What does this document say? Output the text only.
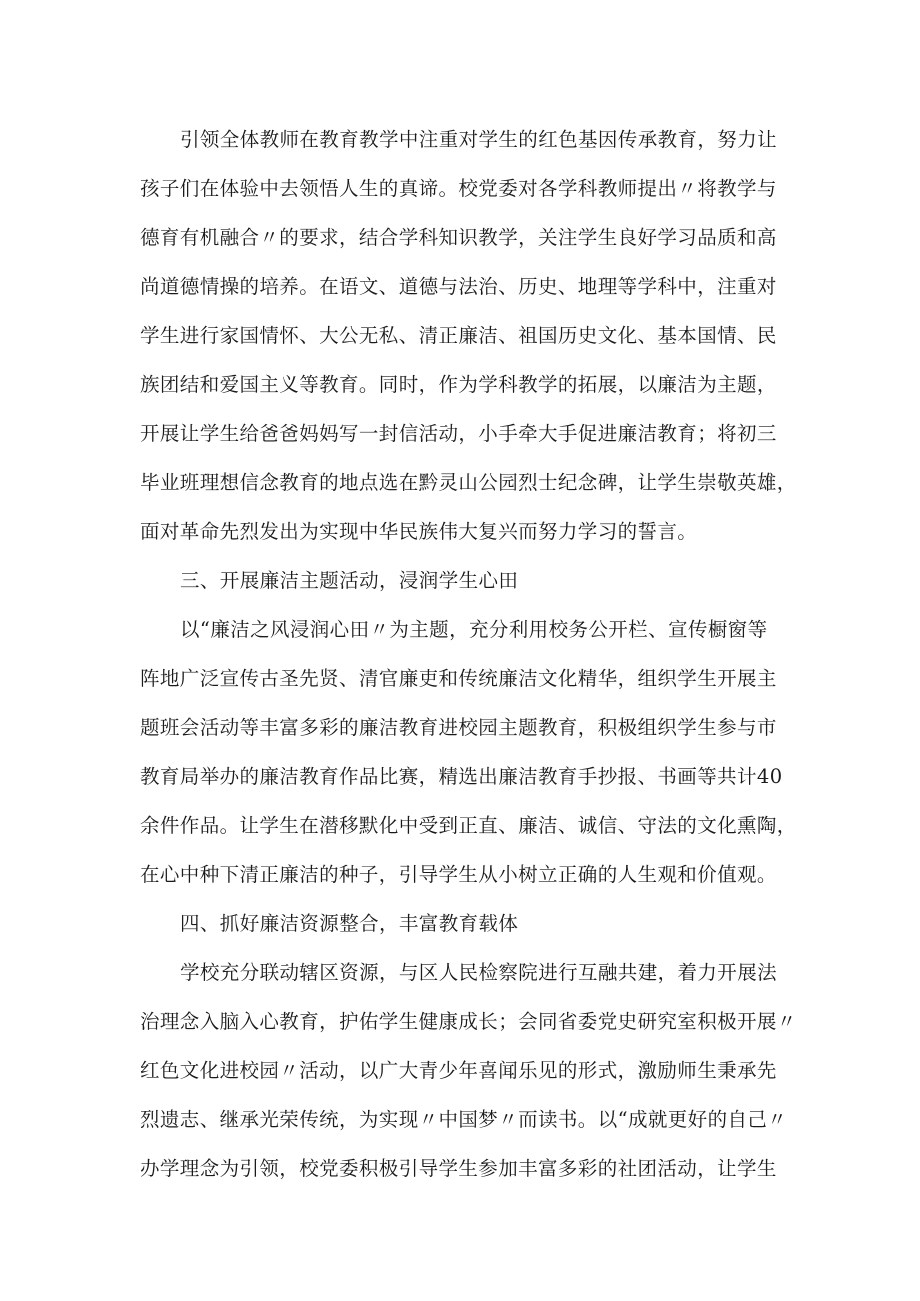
引领全体教师在教育教学中注重对学生的红色基因传承教育，努力让
孩子们在体验中去领悟人生的真谛。校党委对各学科教师提出〃将教学与
德育有机融合〃的要求，结合学科知识教学，关注学生良好学习品质和高
尚道德情操的培养。在语文、道德与法治、历史、地理等学科中，注重对
学生进行家国情怀、大公无私、清正廉洁、祖国历史文化、基本国情、民
族团结和爱国主义等教育。同时，作为学科教学的拓展，以廉洁为主题，
开展让学生给爸爸妈妈写一封信活动，小手牵大手促进廉洁教育；将初三
毕业班理想信念教育的地点选在黔灵山公园烈士纪念碑，让学生崇敬英雄，
面对革命先烈发出为实现中华民族伟大复兴而努力学习的誓言。
三、开展廉洁主题活动，浸润学生心田
以“廉洁之风浸润心田〃为主题，充分利用校务公开栏、宣传橱窗等
阵地广泛宣传古圣先贤、清官廉吏和传统廉洁文化精华，组织学生开展主
题班会活动等丰富多彩的廉洁教育进校园主题教育，积极组织学生参与市
教育局举办的廉洁教育作品比赛，精选出廉洁教育手抄报、书画等共计40
余件作品。让学生在潜移默化中受到正直、廉洁、诚信、守法的文化熏陶，
在心中种下清正廉洁的种子，引导学生从小树立正确的人生观和价值观。
四、抓好廉洁资源整合，丰富教育载体
学校充分联动辖区资源，与区人民检察院进行互融共建，着力开展法
治理念入脑入心教育，护佑学生健康成长；会同省委党史研究室积极开展〃
红色文化进校园〃活动，以广大青少年喜闻乐见的形式，激励师生秉承先
烈遗志、继承光荣传统，为实现〃中国梦〃而读书。以“成就更好的自己〃
办学理念为引领，校党委积极引导学生参加丰富多彩的社团活动，让学生
